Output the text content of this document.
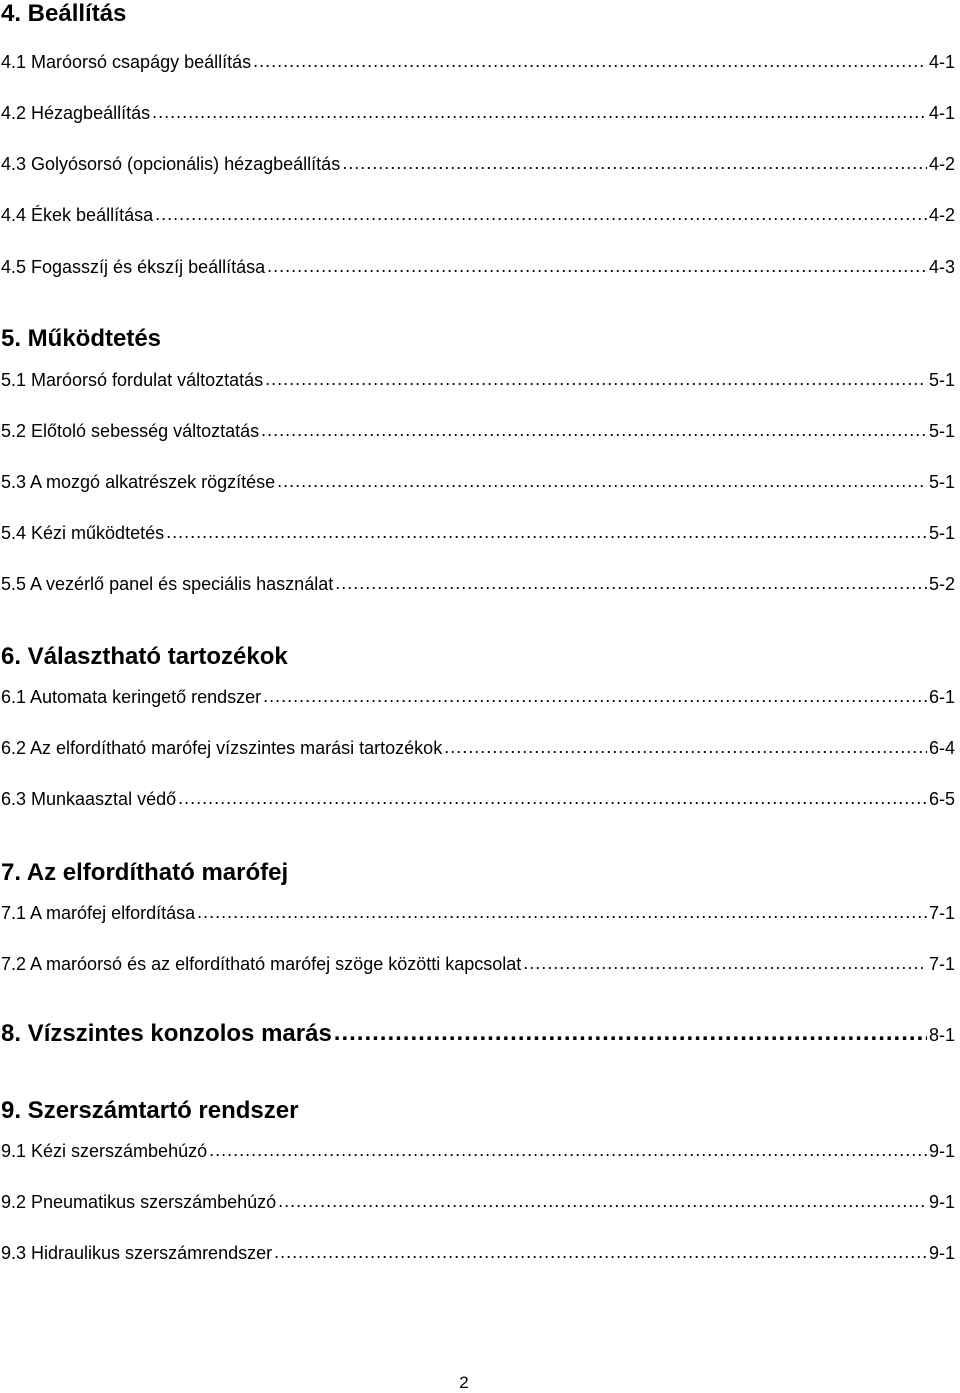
4. Beállítás
4.1 Maróorsó csapágy beállítás .....	4-1
4.2 Hézagbeállítás .....	4-1
4.3 Golyósorsó (opcionális) hézagbeállítás .....	4-2
4.4 Ékek beállítása .....	4-2
4.5 Fogasszíj és ékszíj beállítása .....	4-3
5. Működtetés
5.1 Maróorsó fordulat változtatás .....	5-1
5.2 Előtoló sebesség változtatás .....	5-1
5.3 A mozgó alkatrészek rögzítése .....	5-1
5.4 Kézi működtetés .....	5-1
5.5 A vezérlő panel és speciális használat .....	5-2
6. Választható tartozékok
6.1 Automata keringető rendszer .....	6-1
6.2 Az elfordítható marófej vízszintes marási tartozékok .....	6-4
6.3 Munkaasztal védő .....	6-5
7. Az elfordítható marófej
7.1 A marófej elfordítása .....	7-1
7.2 A maróorsó és az elfordítható marófej szöge közötti kapcsolat .....	7-1
8. Vízszintes konzolos marás .....	8-1
9. Szerszámtartó rendszer
9.1 Kézi szerszámbehúzó .....	9-1
9.2 Pneumatikus szerszámbehúzó .....	9-1
9.3 Hidraulikus szerszámrendszer .....	9-1
2
